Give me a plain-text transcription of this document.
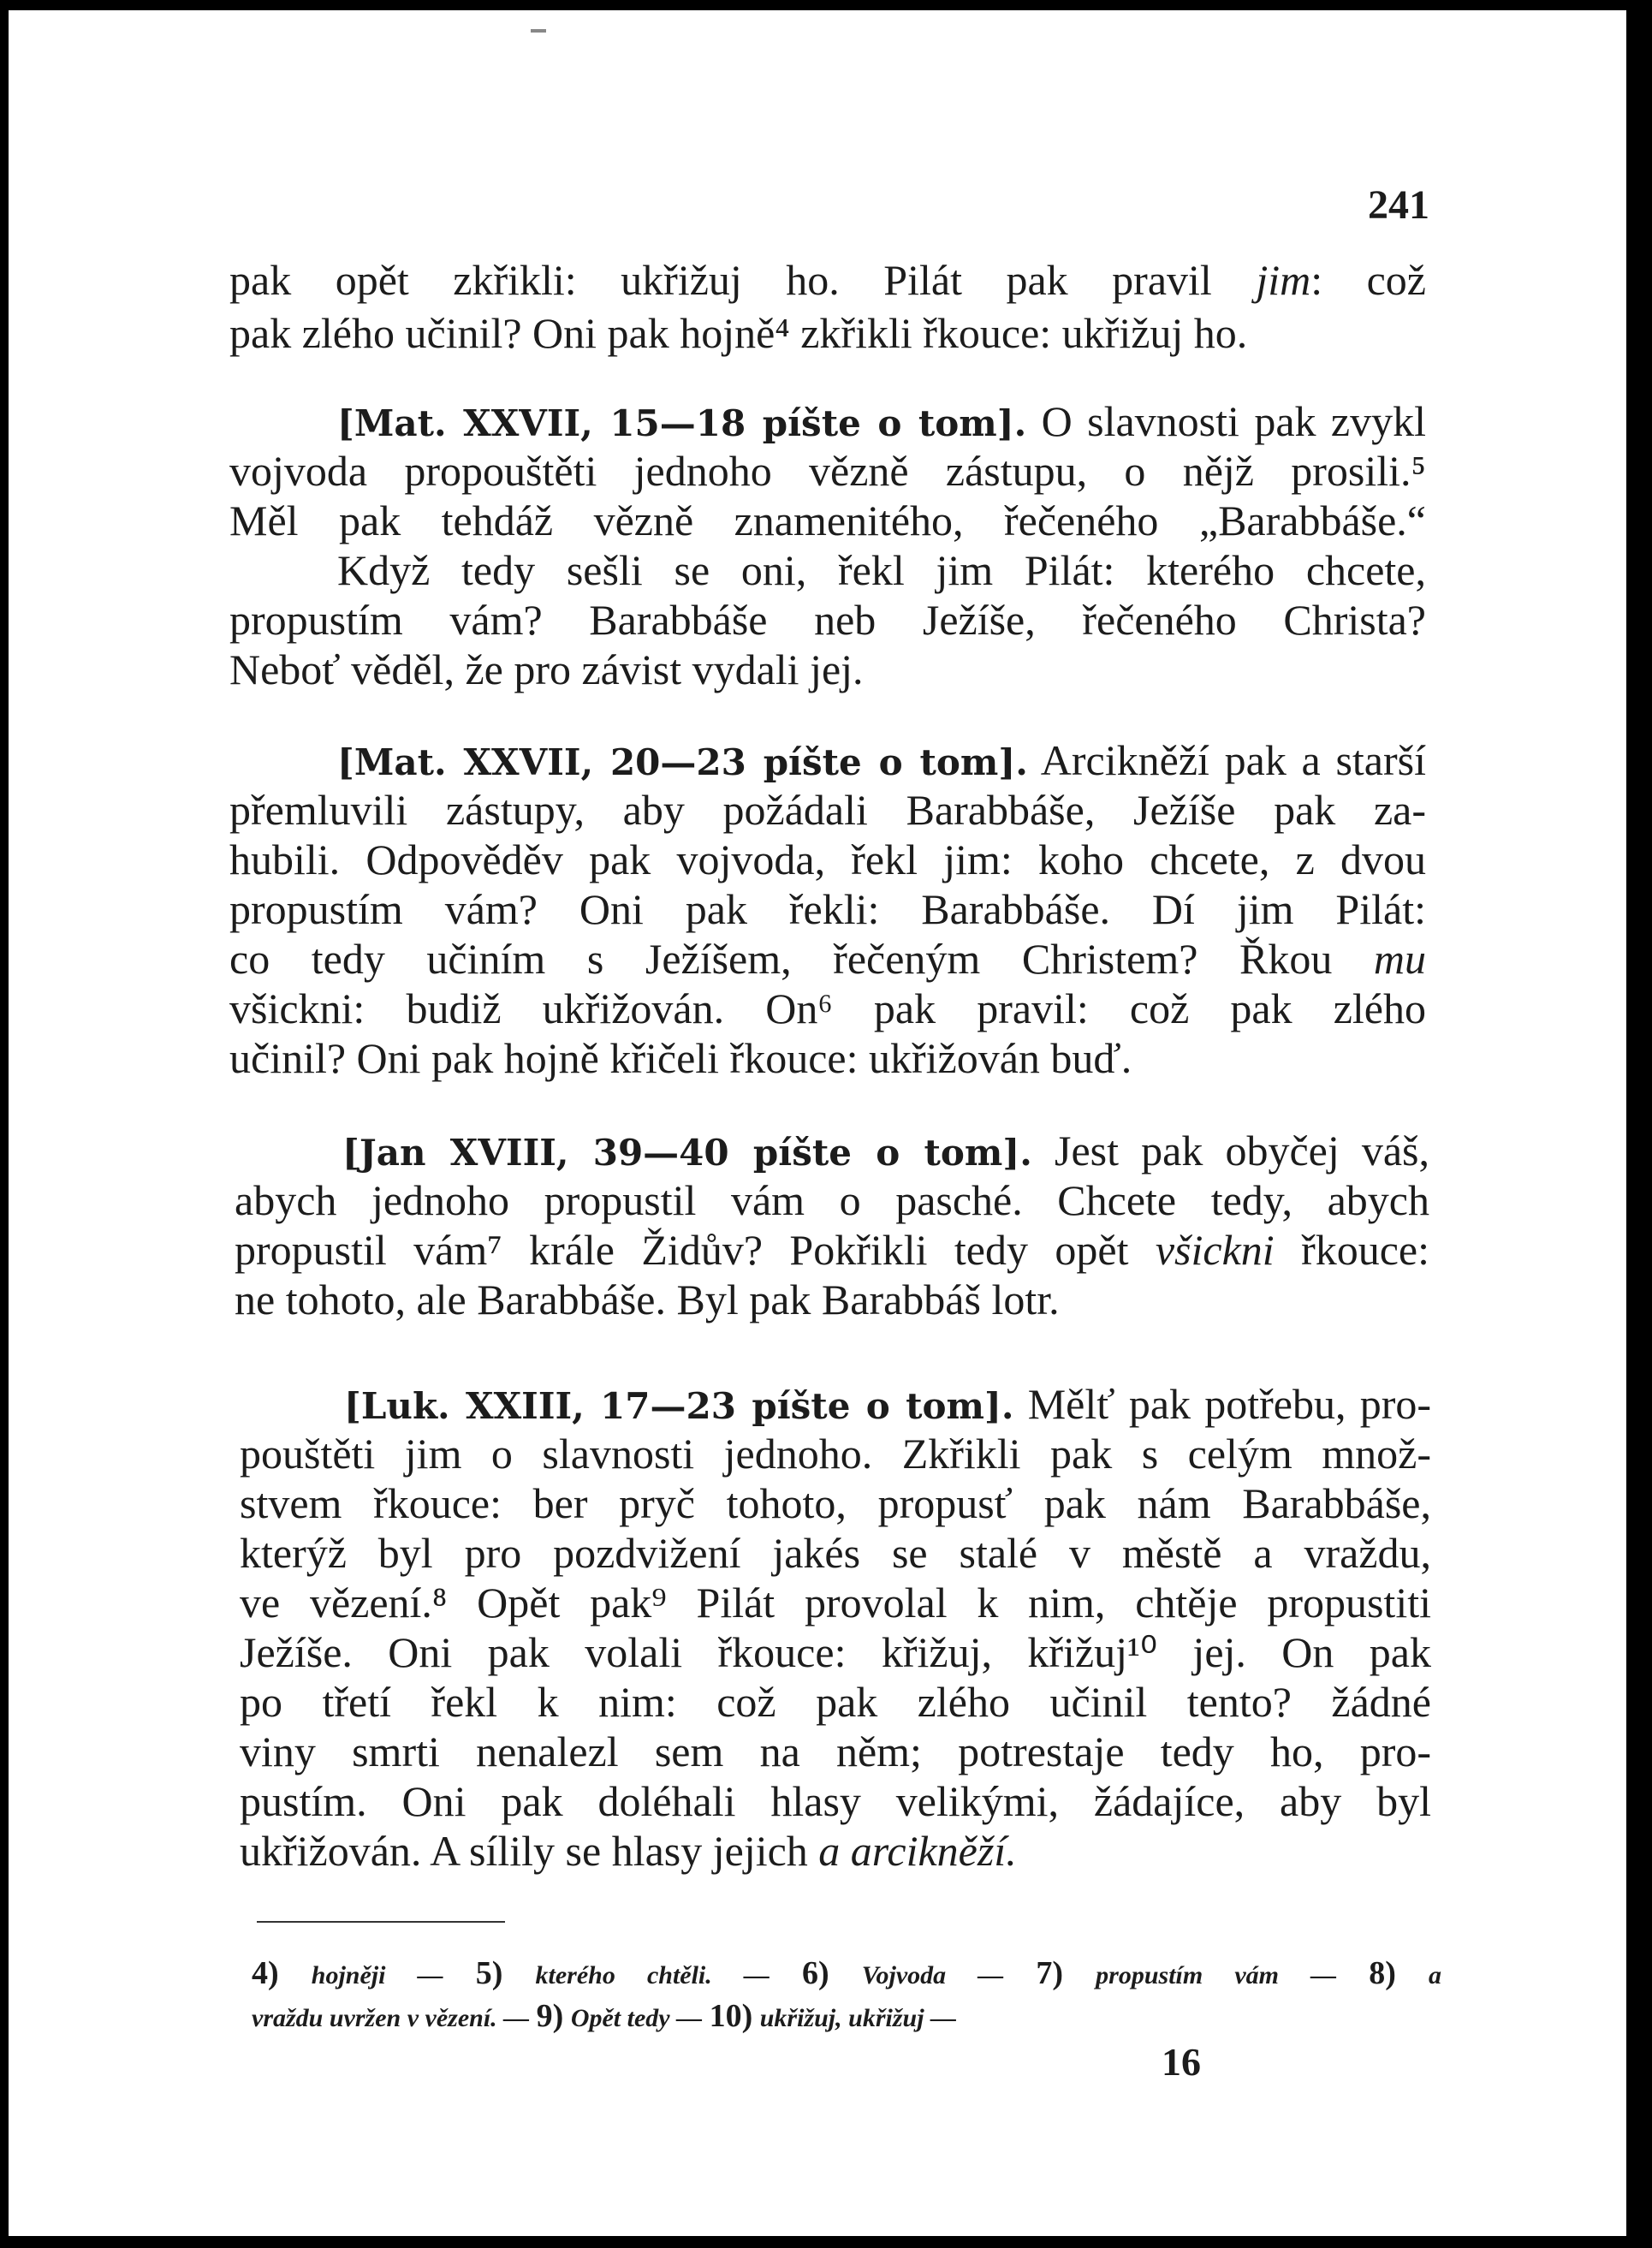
241
pak opět zkřikli: ukřižuj ho. Pilát pak pravil jim: což
pak zlého učinil? Oni pak hojně⁴ zkřikli řkouce: ukřižuj ho.
[Mat. XXVII, 15—18 píšte o tom]. O slavnosti pak zvykl
vojvoda propouštěti jednoho vězně zástupu, o nějž prosili.⁵
Měl pak tehdáž vězně znamenitého, řečeného „Barabbáše.“
Když tedy sešli se oni, řekl jim Pilát: kterého chcete,
propustím vám? Barabbáše neb Ježíše, řečeného Christa?
Neboť věděl, že pro závist vydali jej.
[Mat. XXVII, 20—23 píšte o tom]. Arcikněží pak a starší
přemluvili zástupy, aby požádali Barabbáše, Ježíše pak za-
hubili. Odpověděv pak vojvoda, řekl jim: koho chcete, z dvou
propustím vám? Oni pak řekli: Barabbáše. Dí jim Pilát:
co tedy učiním s Ježíšem, řečeným Christem? Řkou mu
všickni: budiž ukřižován. On⁶ pak pravil: což pak zlého
učinil? Oni pak hojně křičeli řkouce: ukřižován buď.
[Jan XVIII, 39—40 píšte o tom]. Jest pak obyčej váš,
abych jednoho propustil vám o pasché. Chcete tedy, abych
propustil vám⁷ krále Židův? Pokřikli tedy opět všickni řkouce:
ne tohoto, ale Barabbáše. Byl pak Barabbáš lotr.
[Luk. XXIII, 17—23 píšte o tom]. Mělť pak potřebu, pro-
pouštěti jim o slavnosti jednoho. Zkřikli pak s celým množ-
stvem řkouce: ber pryč tohoto, propusť pak nám Barabbáše,
kterýž byl pro pozdvižení jakés se stalé v městě a vraždu,
ve vězení.⁸ Opět pak⁹ Pilát provolal k nim, chtěje propustiti
Ježíše. Oni pak volali řkouce: křižuj, křižuj¹⁰ jej. On pak
po třetí řekl k nim: což pak zlého učinil tento? žádné
viny smrti nenalezl sem na něm; potrestaje tedy ho, pro-
pustím. Oni pak doléhali hlasy velikými, žádajíce, aby byl
ukřižován. A sílily se hlasy jejich a arcikněží.
4) hojněji — 5) kterého chtěli. — 6) Vojvoda — 7) propustím vám — 8) a
vraždu uvržen v vězení. — 9) Opět tedy — 10) ukřižuj, ukřižuj —
16
